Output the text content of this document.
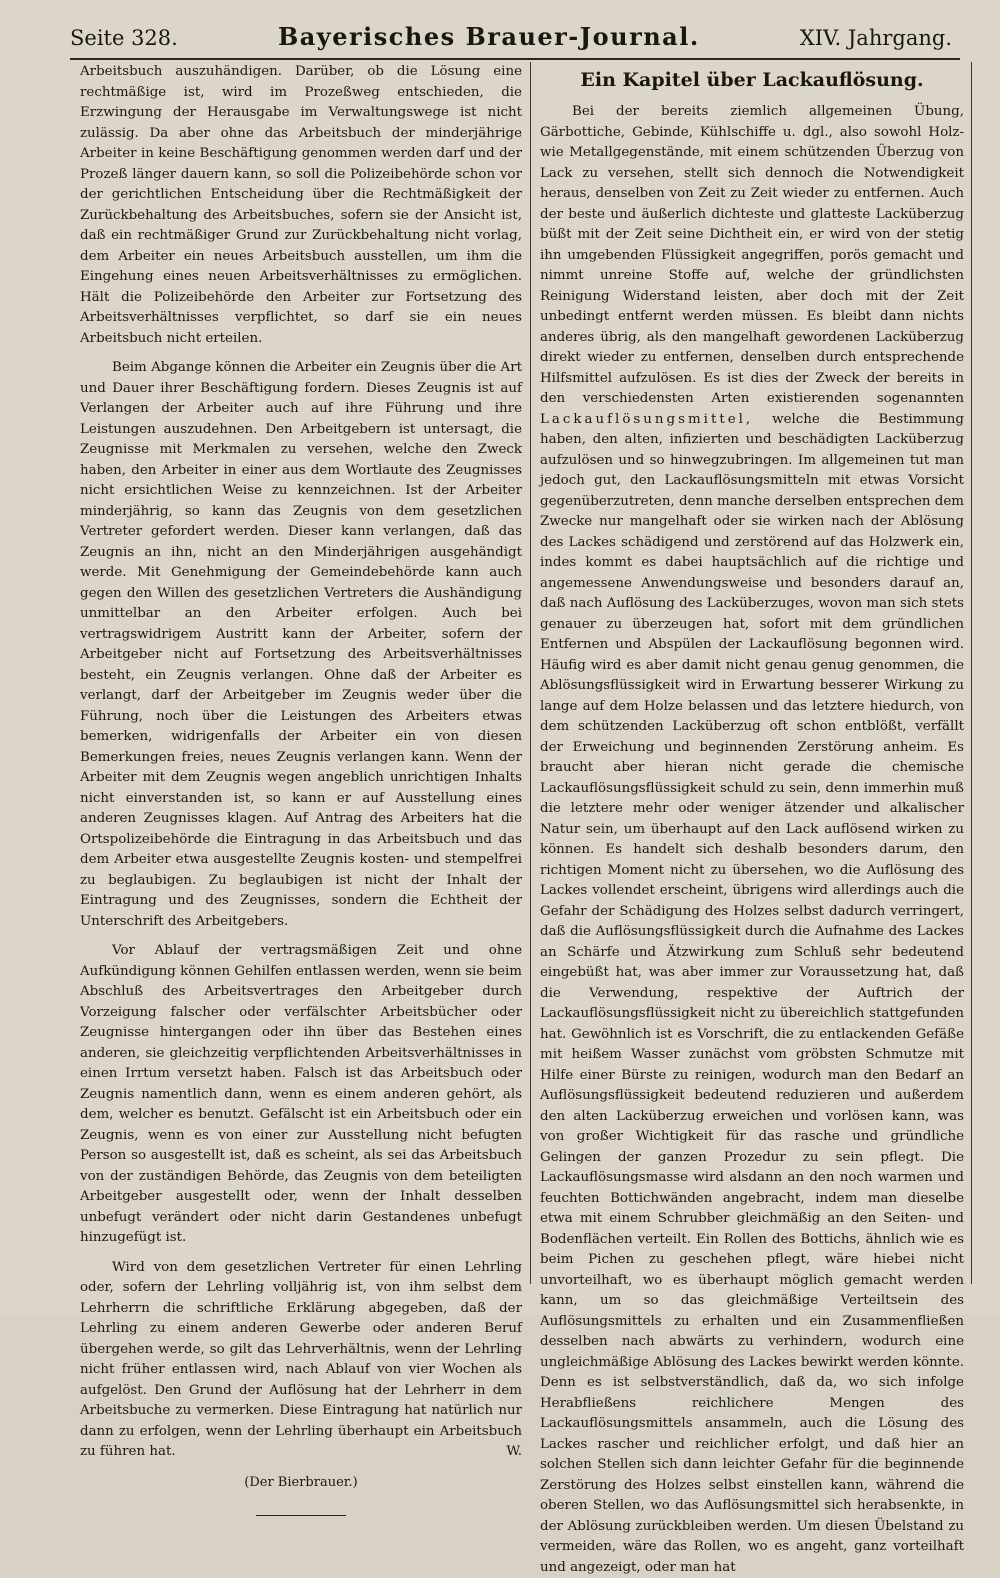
Seite 328.	Bayerisches Brauer-Journal.	XIV. Jahrgang.

Arbeitsbuch auszuhändigen. Darüber, ob die Lösung eine rechtmäßige ist, wird im Prozeßweg entschieden, die Erzwingung der Herausgabe im Verwaltungswege ist nicht zulässig. Da aber ohne das Arbeitsbuch der minderjährige Arbeiter in keine Beschäftigung genommen werden darf und der Prozeß länger dauern kann, so soll die Polizeibehörde schon vor der gerichtlichen Entscheidung über die Rechtmäßigkeit der Zurückbehaltung des Arbeitsbuches, sofern sie der Ansicht ist, daß ein rechtmäßiger Grund zur Zurückbehaltung nicht vorlag, dem Arbeiter ein neues Arbeitsbuch ausstellen, um ihm die Eingehung eines neuen Arbeitsverhältnisses zu ermöglichen. Hält die Polizeibehörde den Arbeiter zur Fortsetzung des Arbeitsverhältnisses verpflichtet, so darf sie ein neues Arbeitsbuch nicht erteilen.

Beim Abgange können die Arbeiter ein Zeugnis über die Art und Dauer ihrer Beschäftigung fordern. Dieses Zeugnis ist auf Verlangen der Arbeiter auch auf ihre Führung und ihre Leistungen auszudehnen. Den Arbeitgebern ist untersagt, die Zeugnisse mit Merkmalen zu versehen, welche den Zweck haben, den Arbeiter in einer aus dem Wortlaute des Zeugnisses nicht ersichtlichen Weise zu kennzeichnen. Ist der Arbeiter minderjährig, so kann das Zeugnis von dem gesetzlichen Vertreter gefordert werden. Dieser kann verlangen, daß das Zeugnis an ihn, nicht an den Minderjährigen ausgehändigt werde. Mit Genehmigung der Gemeindebehörde kann auch gegen den Willen des gesetzlichen Vertreters die Aushändigung unmittelbar an den Arbeiter erfolgen. Auch bei vertragswidrigem Austritt kann der Arbeiter, sofern der Arbeitgeber nicht auf Fortsetzung des Arbeitsverhältnisses besteht, ein Zeugnis verlangen. Ohne daß der Arbeiter es verlangt, darf der Arbeitgeber im Zeugnis weder über die Führung, noch über die Leistungen des Arbeiters etwas bemerken, widrigenfalls der Arbeiter ein von diesen Bemerkungen freies, neues Zeugnis verlangen kann. Wenn der Arbeiter mit dem Zeugnis wegen angeblich unrichtigen Inhalts nicht einverstanden ist, so kann er auf Ausstellung eines anderen Zeugnisses klagen. Auf Antrag des Arbeiters hat die Ortspolizeibehörde die Eintragung in das Arbeitsbuch und das dem Arbeiter etwa ausgestellte Zeugnis kosten- und stempelfrei zu beglaubigen. Zu beglaubigen ist nicht der Inhalt der Eintragung und des Zeugnisses, sondern die Echtheit der Unterschrift des Arbeitgebers.

Vor Ablauf der vertragsmäßigen Zeit und ohne Aufkündigung können Gehilfen entlassen werden, wenn sie beim Abschluß des Arbeitsvertrages den Arbeitgeber durch Vorzeigung falscher oder verfälschter Arbeitsbücher oder Zeugnisse hintergangen oder ihn über das Bestehen eines anderen, sie gleichzeitig verpflichtenden Arbeitsverhältnisses in einen Irrtum versetzt haben. Falsch ist das Arbeitsbuch oder Zeugnis namentlich dann, wenn es einem anderen gehört, als dem, welcher es benutzt. Gefälscht ist ein Arbeitsbuch oder ein Zeugnis, wenn es von einer zur Ausstellung nicht befugten Person so ausgestellt ist, daß es scheint, als sei das Arbeitsbuch von der zuständigen Behörde, das Zeugnis von dem beteiligten Arbeitgeber ausgestellt oder, wenn der Inhalt desselben unbefugt verändert oder nicht darin Gestandenes unbefugt hinzugefügt ist.

Wird von dem gesetzlichen Vertreter für einen Lehrling oder, sofern der Lehrling volljährig ist, von ihm selbst dem Lehrherrn die schriftliche Erklärung abgegeben, daß der Lehrling zu einem anderen Gewerbe oder anderen Beruf übergehen werde, so gilt das Lehrverhältnis, wenn der Lehrling nicht früher entlassen wird, nach Ablauf von vier Wochen als aufgelöst. Den Grund der Auflösung hat der Lehrherr in dem Arbeitsbuche zu vermerken. Diese Eintragung hat natürlich nur dann zu erfolgen, wenn der Lehrling überhaupt ein Arbeitsbuch zu führen hat.	W.

(Der Bierbrauer.)
Ein Kapitel über Lackauflösung.

Bei der bereits ziemlich allgemeinen Übung, Gärbottiche, Gebinde, Kühlschiffe u. dgl., also sowohl Holz- wie Metallgegenstände, mit einem schützenden Überzug von Lack zu versehen, stellt sich dennoch die Notwendigkeit heraus, denselben von Zeit zu Zeit wieder zu entfernen. Auch der beste und äußerlich dichteste und glatteste Lacküberzug büßt mit der Zeit seine Dichtheit ein, er wird von der stetig ihn umgebenden Flüssigkeit angegriffen, porös gemacht und nimmt unreine Stoffe auf, welche der gründlichsten Reinigung Widerstand leisten, aber doch mit der Zeit unbedingt entfernt werden müssen. Es bleibt dann nichts anderes übrig, als den mangelhaft gewordenen Lacküberzug direkt wieder zu entfernen, denselben durch entsprechende Hilfsmittel aufzulösen. Es ist dies der Zweck der bereits in den verschiedensten Arten existierenden sogenannten Lackauflösungsmittel, welche die Bestimmung haben, den alten, infizierten und beschädigten Lacküberzug aufzulösen und so hinwegzubringen. Im allgemeinen tut man jedoch gut, den Lackauflösungsmitteln mit etwas Vorsicht gegenüberzutreten, denn manche derselben entsprechen dem Zwecke nur mangelhaft oder sie wirken nach der Ablösung des Lackes schädigend und zerstörend auf das Holzwerk ein, indes kommt es dabei hauptsächlich auf die richtige und angemessene Anwendungsweise und besonders darauf an, daß nach Auflösung des Lacküberzuges, wovon man sich stets genauer zu überzeugen hat, sofort mit dem gründlichen Entfernen und Abspülen der Lackauflösung begonnen wird. Häufig wird es aber damit nicht genau genug genommen, die Ablösungsflüssigkeit wird in Erwartung besserer Wirkung zu lange auf dem Holze belassen und das letztere hiedurch, von dem schützenden Lacküberzug oft schon entblößt, verfällt der Erweichung und beginnenden Zerstörung anheim. Es braucht aber hieran nicht gerade die chemische Lackauflösungsflüssigkeit schuld zu sein, denn immerhin muß die letztere mehr oder weniger ätzender und alkalischer Natur sein, um überhaupt auf den Lack auflösend wirken zu können. Es handelt sich deshalb besonders darum, den richtigen Moment nicht zu übersehen, wo die Auflösung des Lackes vollendet erscheint, übrigens wird allerdings auch die Gefahr der Schädigung des Holzes selbst dadurch verringert, daß die Auflösungsflüssigkeit durch die Aufnahme des Lackes an Schärfe und Ätzwirkung zum Schluß sehr bedeutend eingebüßt hat, was aber immer zur Voraussetzung hat, daß die Verwendung, respektive der Auftrich der Lackauflösungsflüssigkeit nicht zu übereichlich stattgefunden hat. Gewöhnlich ist es Vorschrift, die zu entlackenden Gefäße mit heißem Wasser zunächst vom gröbsten Schmutze mit Hilfe einer Bürste zu reinigen, wodurch man den Bedarf an Auflösungsflüssigkeit bedeutend reduzieren und außerdem den alten Lacküberzug erweichen und vorlösen kann, was von großer Wichtigkeit für das rasche und gründliche Gelingen der ganzen Prozedur zu sein pflegt. Die Lackauflösungsmasse wird alsdann an den noch warmen und feuchten Bottichwänden angebracht, indem man dieselbe etwa mit einem Schrubber gleichmäßig an den Seiten- und Bodenflächen verteilt. Ein Rollen des Bottichs, ähnlich wie es beim Pichen zu geschehen pflegt, wäre hiebei nicht unvorteilhaft, wo es überhaupt möglich gemacht werden kann, um so das gleichmäßige Verteiltsein des Auflösungsmittels zu erhalten und ein Zusammenfließen desselben nach abwärts zu verhindern, wodurch eine ungleichmäßige Ablösung des Lackes bewirkt werden könnte. Denn es ist selbstverständlich, daß da, wo sich infolge Herabfließens reichlichere Mengen des Lackauflösungsmittels ansammeln, auch die Lösung des Lackes rascher und reichlicher erfolgt, und daß hier an solchen Stellen sich dann leichter Gefahr für die beginnende Zerstörung des Holzes selbst einstellen kann, während die oberen Stellen, wo das Auflösungsmittel sich herabsenkte, in der Ablösung zurückbleiben werden. Um diesen Übelstand zu vermeiden, wäre das Rollen, wo es angeht, ganz vorteilhaft und angezeigt, oder man hat
